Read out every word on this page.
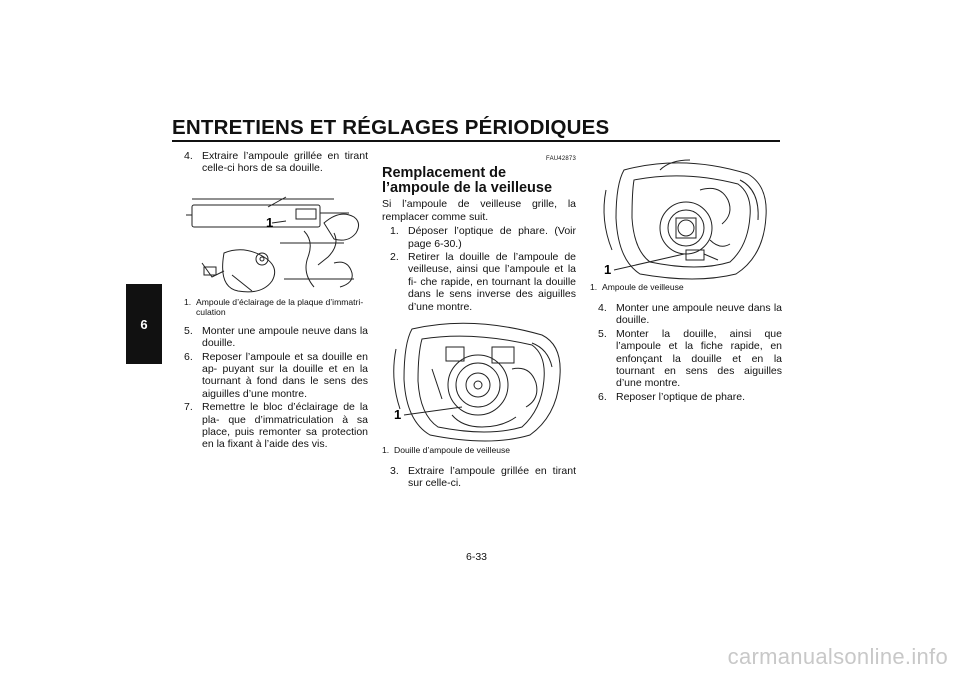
ENTRETIENS ET RÉGLAGES PÉRIODIQUES
6
4. Extraire l’ampoule grillée en tirant celle-ci hors de sa douille.
1
1. Ampoule d’éclairage de la plaque d’immatri-
culation
5. Monter une ampoule neuve dans la douille.
6. Reposer l’ampoule et sa douille en ap- puyant sur la douille et en la tournant à fond dans le sens des aiguilles d’une montre.
7. Remettre le bloc d’éclairage de la pla- que d’immatriculation à sa place, puis remonter sa protection en la fixant à l’aide des vis.
FAU42873
Remplacement de l’ampoule de la veilleuse
Si l’ampoule de veilleuse grille, la remplacer comme suit.
1. Déposer l’optique de phare. (Voir page 6-30.)
2. Retirer la douille de l’ampoule de veilleuse, ainsi que l’ampoule et la fi- che rapide, en tournant la douille dans le sens inverse des aiguilles d’une montre.
1
1. Douille d’ampoule de veilleuse
3. Extraire l’ampoule grillée en tirant sur celle-ci.
1
1. Ampoule de veilleuse
4. Monter une ampoule neuve dans la douille.
5. Monter la douille, ainsi que l’ampoule et la fiche rapide, en enfonçant la douille et en la tournant en sens des aiguilles d’une montre.
6. Reposer l’optique de phare.
6-33
carmanualsonline.info
